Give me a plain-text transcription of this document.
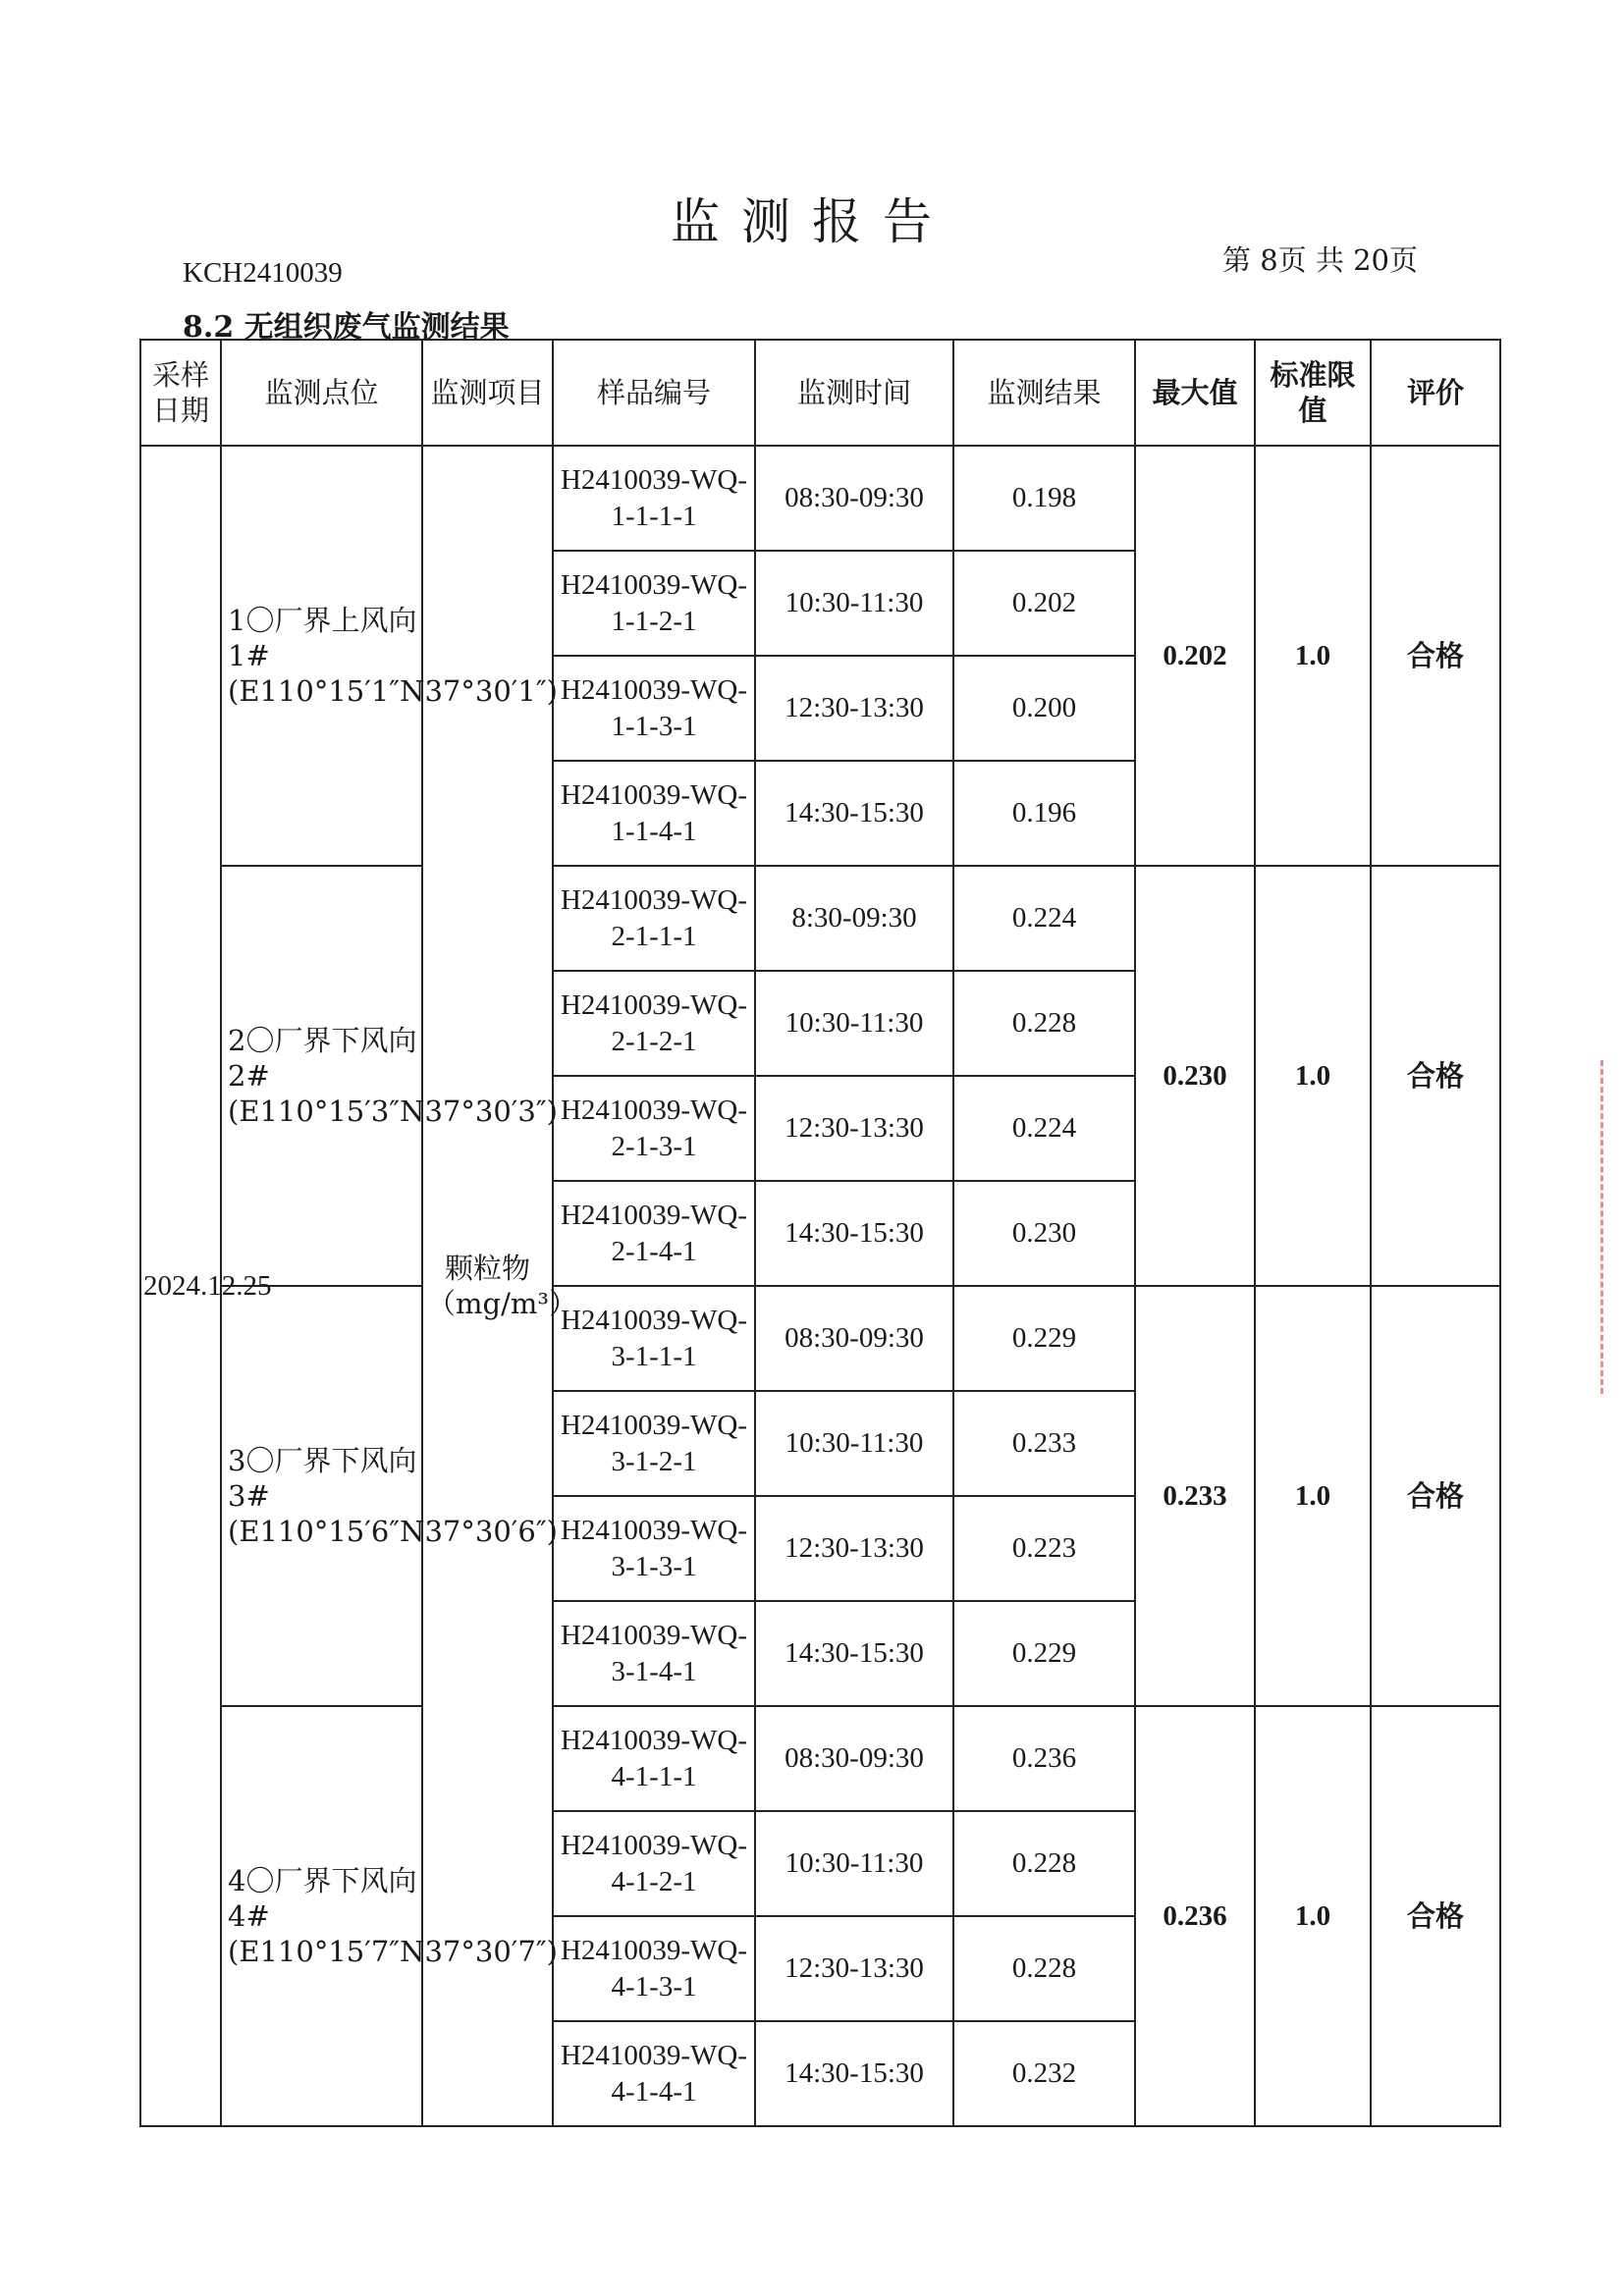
监测报告
KCH2410039	第 8页 共 20页
8.2 无组织废气监测结果
采样日期	监测点位	监测项目	样品编号	监测时间	监测结果	最大值	标准限值	评价
2024.12.25	1〇厂界上风向 1#(E110°15′1″N37°30′1″)	颗粒物（mg/m³）	H2410039-WQ-1-1-1-1	08:30-09:30	0.198	0.202	1.0	合格
			H2410039-WQ-1-1-2-1	10:30-11:30	0.202			
			H2410039-WQ-1-1-3-1	12:30-13:30	0.200			
			H2410039-WQ-1-1-4-1	14:30-15:30	0.196			
	2〇厂界下风向 2#(E110°15′3″N37°30′3″)		H2410039-WQ-2-1-1-1	8:30-09:30	0.224	0.230	1.0	合格
			H2410039-WQ-2-1-2-1	10:30-11:30	0.228			
			H2410039-WQ-2-1-3-1	12:30-13:30	0.224			
			H2410039-WQ-2-1-4-1	14:30-15:30	0.230			
	3〇厂界下风向 3#(E110°15′6″N37°30′6″)		H2410039-WQ-3-1-1-1	08:30-09:30	0.229	0.233	1.0	合格
			H2410039-WQ-3-1-2-1	10:30-11:30	0.233			
			H2410039-WQ-3-1-3-1	12:30-13:30	0.223			
			H2410039-WQ-3-1-4-1	14:30-15:30	0.229			
	4〇厂界下风向 4#(E110°15′7″N37°30′7″)		H2410039-WQ-4-1-1-1	08:30-09:30	0.236	0.236	1.0	合格
			H2410039-WQ-4-1-2-1	10:30-11:30	0.228			
			H2410039-WQ-4-1-3-1	12:30-13:30	0.228			
			H2410039-WQ-4-1-4-1	14:30-15:30	0.232			
